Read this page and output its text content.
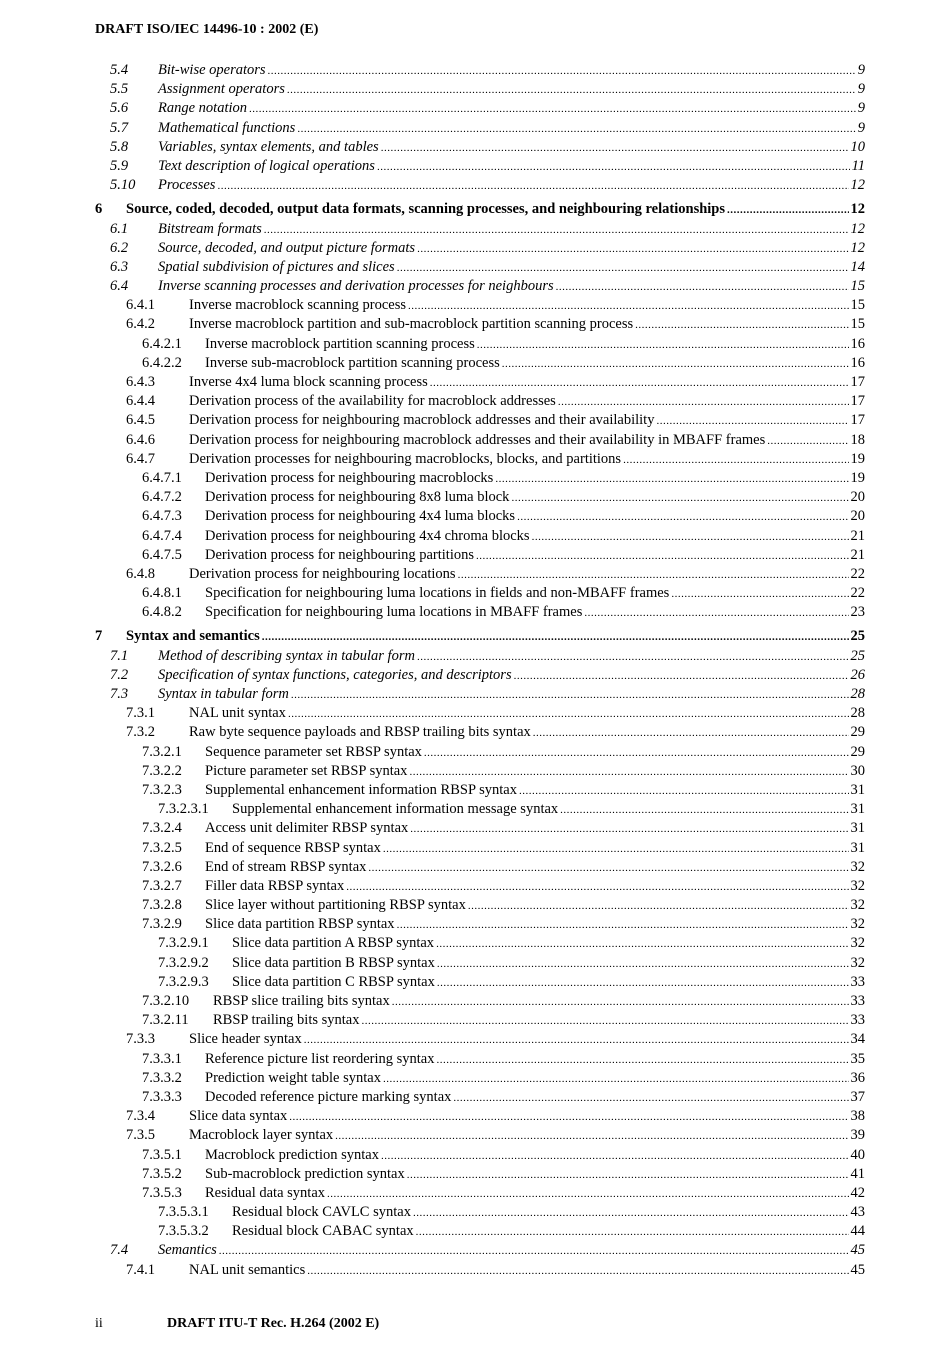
DRAFT ISO/IEC 14496-10 : 2002 (E)
5.4 Bit-wise operators .....	9
5.5 Assignment operators .....	9
5.6 Range notation .....	9
5.7 Mathematical functions .....	9
5.8 Variables, syntax elements, and tables .....	10
5.9 Text description of logical operations .....	11
5.10 Processes .....	12
6 Source, coded, decoded, output data formats, scanning processes, and neighbouring relationships .....	12
6.1 Bitstream formats .....	12
6.2 Source, decoded, and output picture formats .....	12
6.3 Spatial subdivision of pictures and slices .....	14
6.4 Inverse scanning processes and derivation processes for neighbours .....	15
6.4.1 Inverse macroblock scanning process .....	15
6.4.2 Inverse macroblock partition and sub-macroblock partition scanning process .....	15
6.4.2.1 Inverse macroblock partition scanning process .....	16
6.4.2.2 Inverse sub-macroblock partition scanning process .....	16
6.4.3 Inverse 4x4 luma block scanning process .....	17
6.4.4 Derivation process of the availability for macroblock addresses .....	17
6.4.5 Derivation process for neighbouring macroblock addresses and their availability .....	17
6.4.6 Derivation process for neighbouring macroblock addresses and their availability in MBAFF frames .....	18
6.4.7 Derivation processes for neighbouring macroblocks, blocks, and partitions .....	19
6.4.7.1 Derivation process for neighbouring macroblocks .....	19
6.4.7.2 Derivation process for neighbouring 8x8 luma block .....	20
6.4.7.3 Derivation process for neighbouring 4x4 luma blocks .....	20
6.4.7.4 Derivation process for neighbouring 4x4 chroma blocks .....	21
6.4.7.5 Derivation process for neighbouring partitions .....	21
6.4.8 Derivation process for neighbouring locations .....	22
6.4.8.1 Specification for neighbouring luma locations in fields and non-MBAFF frames .....	22
6.4.8.2 Specification for neighbouring luma locations in MBAFF frames .....	23
7 Syntax and semantics .....	25
7.1 Method of describing syntax in tabular form .....	25
7.2 Specification of syntax functions, categories, and descriptors .....	26
7.3 Syntax in tabular form .....	28
7.3.1 NAL unit syntax .....	28
7.3.2 Raw byte sequence payloads and RBSP trailing bits syntax .....	29
7.3.2.1 Sequence parameter set RBSP syntax .....	29
7.3.2.2 Picture parameter set RBSP syntax .....	30
7.3.2.3 Supplemental enhancement information RBSP syntax .....	31
7.3.2.3.1 Supplemental enhancement information message syntax .....	31
7.3.2.4 Access unit delimiter RBSP syntax .....	31
7.3.2.5 End of sequence RBSP syntax .....	31
7.3.2.6 End of stream RBSP syntax .....	32
7.3.2.7 Filler data RBSP syntax .....	32
7.3.2.8 Slice layer without partitioning RBSP syntax .....	32
7.3.2.9 Slice data partition RBSP syntax .....	32
7.3.2.9.1 Slice data partition A RBSP syntax .....	32
7.3.2.9.2 Slice data partition B RBSP syntax .....	32
7.3.2.9.3 Slice data partition C RBSP syntax .....	33
7.3.2.10 RBSP slice trailing bits syntax .....	33
7.3.2.11 RBSP trailing bits syntax .....	33
7.3.3 Slice header syntax .....	34
7.3.3.1 Reference picture list reordering syntax .....	35
7.3.3.2 Prediction weight table syntax .....	36
7.3.3.3 Decoded reference picture marking syntax .....	37
7.3.4 Slice data syntax .....	38
7.3.5 Macroblock layer syntax .....	39
7.3.5.1 Macroblock prediction syntax .....	40
7.3.5.2 Sub-macroblock prediction syntax .....	41
7.3.5.3 Residual data syntax .....	42
7.3.5.3.1 Residual block CAVLC syntax .....	43
7.3.5.3.2 Residual block CABAC syntax .....	44
7.4 Semantics .....	45
7.4.1 NAL unit semantics .....	45
ii	DRAFT ITU-T Rec. H.264 (2002 E)
